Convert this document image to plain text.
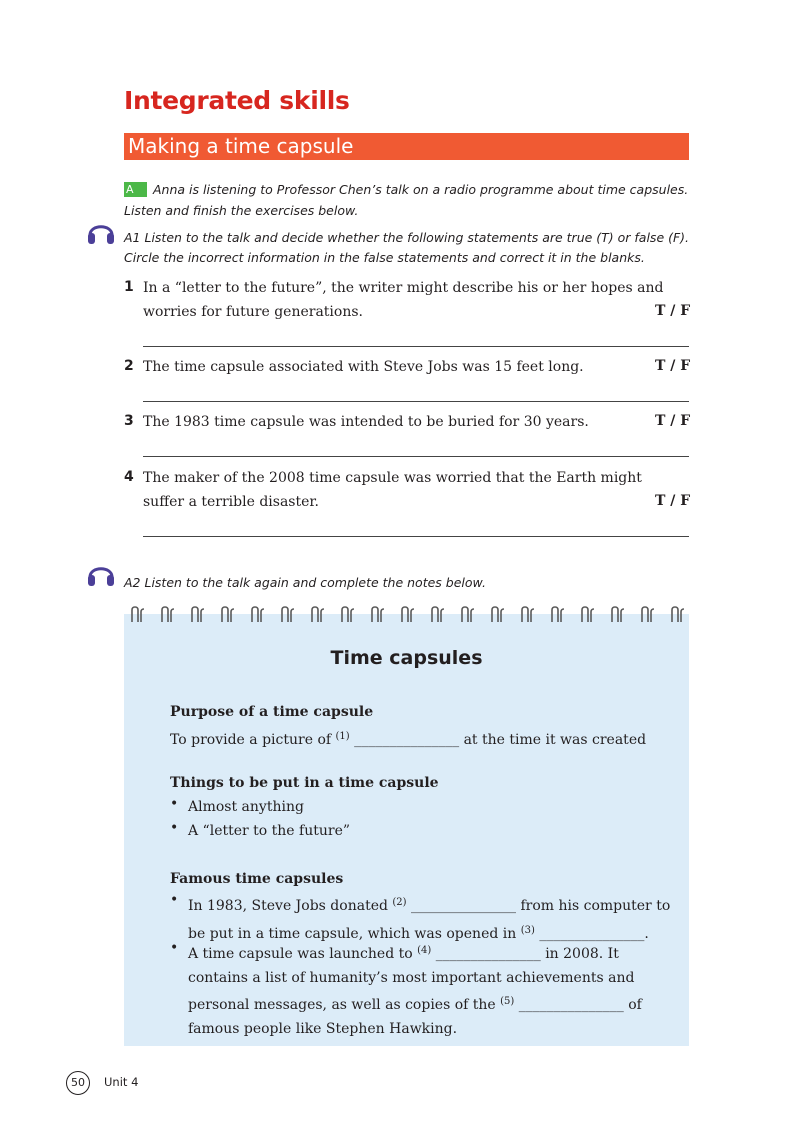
Integrated skills
Making a time capsule
A Anna is listening to Professor Chen’s talk on a radio programme about time capsules.
Listen and finish the exercises below.
A1 Listen to the talk and decide whether the following statements are true (T) or false (F).
Circle the incorrect information in the false statements and correct it in the blanks.
1 In a “letter to the future”, the writer might describe his or her hopes and
worries for future generations.	T / F
2 The time capsule associated with Steve Jobs was 15 feet long.	T / F
3 The 1983 time capsule was intended to be buried for 30 years.	T / F
4 The maker of the 2008 time capsule was worried that the Earth might
suffer a terrible disaster.	T / F
A2 Listen to the talk again and complete the notes below.
Time capsules
Purpose of a time capsule
To provide a picture of $^{(1)}$ _______________ at the time it was created
Things to be put in a time capsule
• Almost anything
• A “letter to the future”
Famous time capsules
• In 1983, Steve Jobs donated $^{(2)}$ _______________ from his computer to
be put in a time capsule, which was opened in $^{(3)}$ _______________.
• A time capsule was launched to $^{(4)}$ _______________ in 2008. It
contains a list of humanity’s most important achievements and
personal messages, as well as copies of the $^{(5)}$ _______________ of
famous people like Stephen Hawking.
50	Unit 4
